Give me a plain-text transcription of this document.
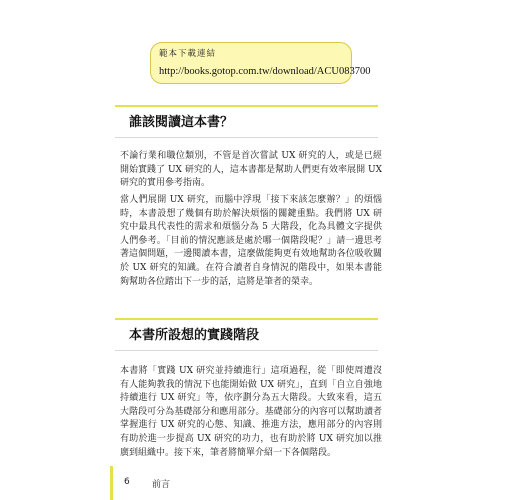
範本下載連結
http://books.gotop.com.tw/download/ACU083700
誰該閱讀這本書？

不論行業和職位類別，不管是首次嘗試 UX 研究的人，或是已經開始實踐了 UX 研究的人，這本書都是幫助人們更有效率展開 UX 研究的實用參考指南。

當人們展開 UX 研究，而腦中浮現「接下來該怎麼辦？」的煩惱時，本書設想了幾個有助於解決煩惱的關鍵重點。我們將 UX 研究中最具代表性的需求和煩惱分為 5 大階段，化為具體文字提供人們參考。「目前的情況應該是處於哪一個階段呢？」請一邊思考著這個問題，一邊閱讀本書，這麼做能夠更有效地幫助各位吸收關於 UX 研究的知識。在符合讀者自身情況的階段中，如果本書能夠幫助各位踏出下一步的話，這將是筆者的榮幸。

本書所設想的實踐階段

本書將「實踐 UX 研究並持續進行」這項過程，從「即使周遭沒有人能夠教我的情況下也能開始做 UX 研究」，直到「自立自強地持續進行 UX 研究」等，依序劃分為五大階段。大致來看，這五大階段可分為基礎部分和應用部分。基礎部分的內容可以幫助讀者掌握進行 UX 研究的心態、知識、推進方法，應用部分的內容則有助於進一步提高 UX 研究的功力，也有助於將 UX 研究加以推廣到組織中。接下來，筆者將簡單介紹一下各個階段。

6 前言
